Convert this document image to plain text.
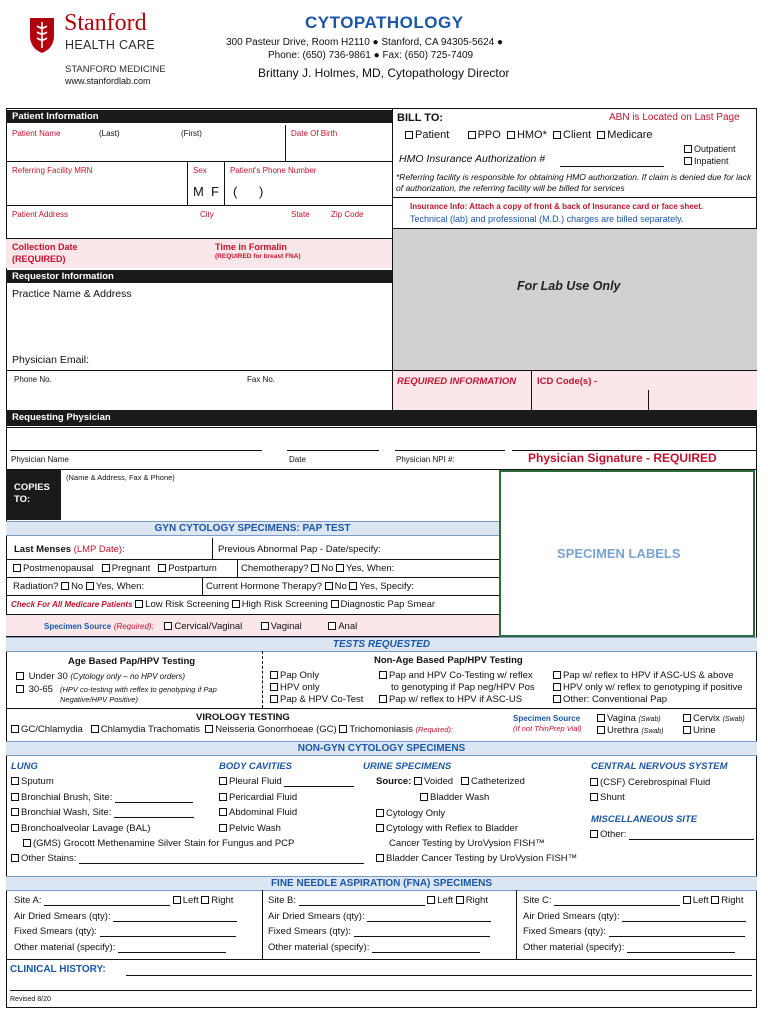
Stanford
HEALTH CARE
STANFORD MEDICINE
www.stanfordlab.com
CYTOPATHOLOGY
300 Pasteur Drive, Room H2110 ● Stanford, CA 94305-5624 ●
Phone: (650) 736-9861 ● Fax: (650) 725-7409
Brittany J. Holmes, MD, Cytopathology Director
Patient Information
Patient Name	(Last)	(First)	Date Of Birth
Referring Facility MRN	Sex
M  F
Patient's Phone Number
(      )
Patient Address	City	State	Zip Code
Collection Date
(REQUIRED)
Time in Formalin
(REQUIRED for breast FNA)
Requestor Information
Practice Name & Address
Physician Email:
Phone No.	Fax No.
BILL TO:	ABN is Located on Last Page
Patient	PPO HMO* Client Medicare
Outpatient
Inpatient
HMO Insurance Authorization #
*Referring facility is responsible for obtaining HMO authorization. If claim is denied due for lack of authorization, the referring facility will be billed for services
Insurance Info: Attach a copy of front & back of Insurance card or face sheet.
Technical (lab) and professional (M.D.) charges are billed separately.
For Lab Use Only
REQUIRED INFORMATION ICD Code(s) -
Requesting Physician
Physician Name	Date	Physician NPI #:	Physician Signature - REQUIRED
COPIES TO:
(Name & Address, Fax & Phone)
SPECIMEN LABELS
GYN CYTOLOGY SPECIMENS: PAP TEST
Last Menses (LMP Date):	Previous Abnormal Pap - Date/specify:
Postmenopausal Pregnant Postpartum	Chemotherapy? No Yes, When:
Radiation? No Yes, When:	Current Hormone Therapy? No Yes, Specify:
Check For All Medicare Patients Low Risk Screening High Risk Screening Diagnostic Pap Smear
Specimen Source (Required): Cervical/Vaginal	Vaginal	Anal
TESTS REQUESTED
Age Based Pap/HPV Testing
Under 30 (Cytology only – no HPV orders)
30-65 (HPV co-testing with reflex to genotyping if Pap Negative/HPV Positive)
Non-Age Based Pap/HPV Testing
Pap Only
HPV only
Pap & HPV Co-Test
Pap and HPV Co-Testing w/ reflex
to genotyping if Pap neg/HPV Pos
Pap w/ reflex to HPV if ASC-US
Pap w/ reflex to HPV if ASC-US & above
HPV only w/ reflex to genotyping if positive
Other: Conventional Pap
VIROLOGY TESTING
GC/Chlamydia Chlamydia Trachomatis Neisseria Gonorrhoeae (GC) Trichomoniasis (Required):
Specimen Source
(If not ThinPrep Vial)
Vagina (Swab)	Cervix (Swab)
Urethra (Swab)	Urine
NON-GYN CYTOLOGY SPECIMENS
LUNG
Sputum
Bronchial Brush, Site:
Bronchial Wash, Site:
Bronchoalveolar Lavage (BAL)
(GMS) Grocott Methenamine Silver Stain for Fungus and PCP
Other Stains:
BODY CAVITIES
Pleural Fluid
Pericardial Fluid
Abdominal Fluid
Pelvic Wash
URINE SPECIMENS
Source: Voided Catheterized
Bladder Wash
Cytology Only
Cytology with Reflex to Bladder
Cancer Testing by UroVysion FISH™
Bladder Cancer Testing by UroVysion FISH™
CENTRAL NERVOUS SYSTEM
(CSF) Cerebrospinal Fluid
Shunt
MISCELLANEOUS SITE
Other:
FINE NEEDLE ASPIRATION (FNA) SPECIMENS
Site A:	Left Right
Air Dried Smears (qty):
Fixed Smears (qty):
Other material (specify):
Site B:	Left Right
Air Dried Smears (qty):
Fixed Smears (qty):
Other material (specify):
Site C:	Left Right
Air Dried Smears (qty):
Fixed Smears (qty):
Other material (specify):
CLINICAL HISTORY:
Revised 8/20
